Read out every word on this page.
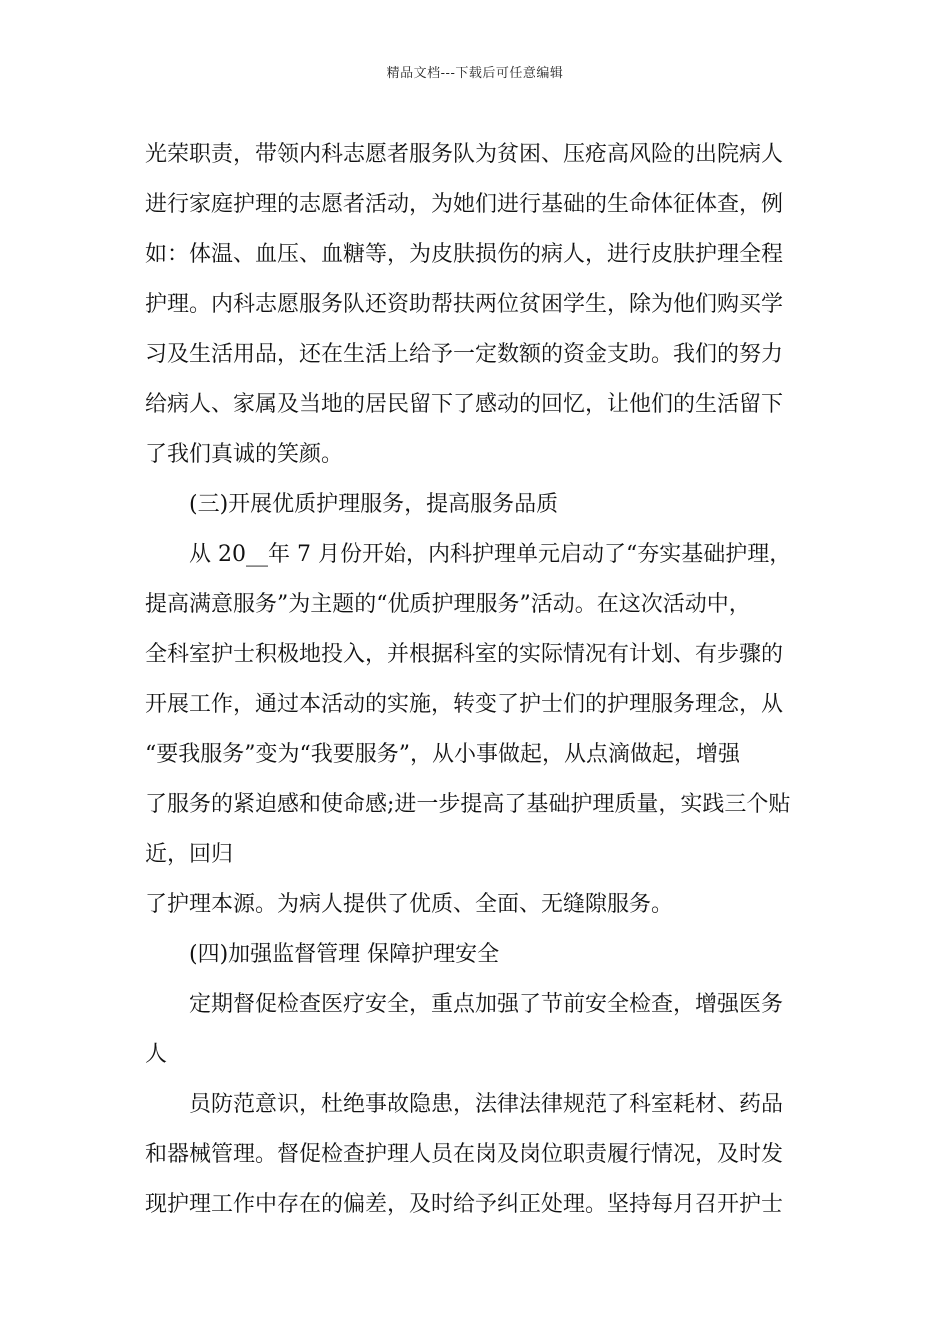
精品文档---下载后可任意编辑
光荣职责，带领内科志愿者服务队为贫困、压疮高风险的出院病人
进行家庭护理的志愿者活动，为她们进行基础的生命体征体查，例
如：体温、血压、血糖等，为皮肤损伤的病人，进行皮肤护理全程
护理。内科志愿服务队还资助帮扶两位贫困学生，除为他们购买学
习及生活用品，还在生活上给予一定数额的资金支助。我们的努力
给病人、家属及当地的居民留下了感动的回忆，让他们的生活留下
了我们真诚的笑颜。
(三)开展优质护理服务，提高服务品质
从 20__年 7 月份开始，内科护理单元启动了“夯实基础护理，
提高满意服务”为主题的“优质护理服务”活动。在这次活动中，
全科室护士积极地投入，并根据科室的实际情况有计划、有步骤的
开展工作，通过本活动的实施，转变了护士们的护理服务理念，从
“要我服务”变为“我要服务”，从小事做起，从点滴做起，增强
了服务的紧迫感和使命感;进一步提高了基础护理质量，实践三个贴
近，回归
了护理本源。为病人提供了优质、全面、无缝隙服务。
(四)加强监督管理 保障护理安全
定期督促检查医疗安全，重点加强了节前安全检查，增强医务
人
员防范意识，杜绝事故隐患，法律法律规范了科室耗材、药品
和器械管理。督促检查护理人员在岗及岗位职责履行情况，及时发
现护理工作中存在的偏差，及时给予纠正处理。坚持每月召开护士
